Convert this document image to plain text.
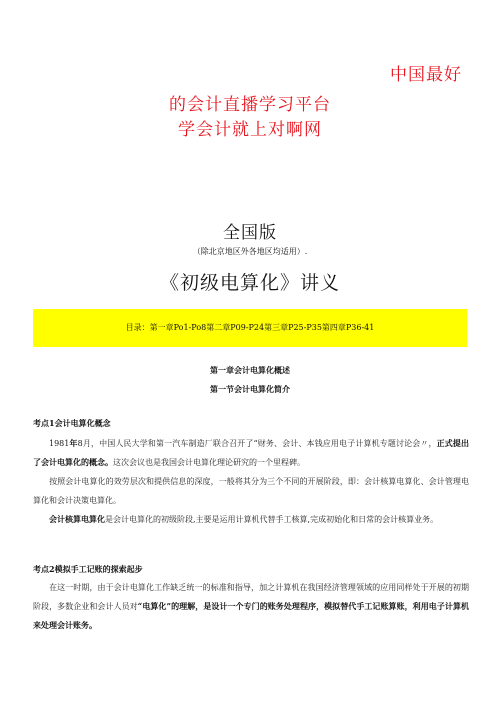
中国最好
的会计直播学习平台
学会计就上对啊网
全国版
（除北京地区外各地区均适用）.
《初级电算化》讲义
目录：第一章Po1-Po8第二章P09-P24第三章P25-P35第四章P36-41
第一章会计电算化概述
第一节会计电算化简介
考点1会计电算化概念
1981年8月，中国人民大学和第一汽车制造厂联合召开了“财务、会计、本钱应用电子计算机专题讨论会〃，正式提出了会计电算化的概念。这次会议也是我国会计电算化理论研究的一个里程碑。
按照会计电算化的效劳层次和提供信息的深度，一般将其分为三个不同的开展阶段，即：会计核算电算化、会计管理电算化和会计决策电算化。
会计核算电算化是会计电算化的初级阶段,主要是运用计算机代替手工核算,完成初始化和日常的会计核算业务。
考点2模拟手工记账的探索起步
在这一时期，由于会计电算化工作缺乏统一的标准和指导，加之计算机在我国经济管理领域的应用同样处于开展的初期阶段，多数企业和会计人员对“电算化”的理解，是设计一个专门的账务处理程序，模拟替代手工记账算账，利用电子计算机来处理会计账务。
